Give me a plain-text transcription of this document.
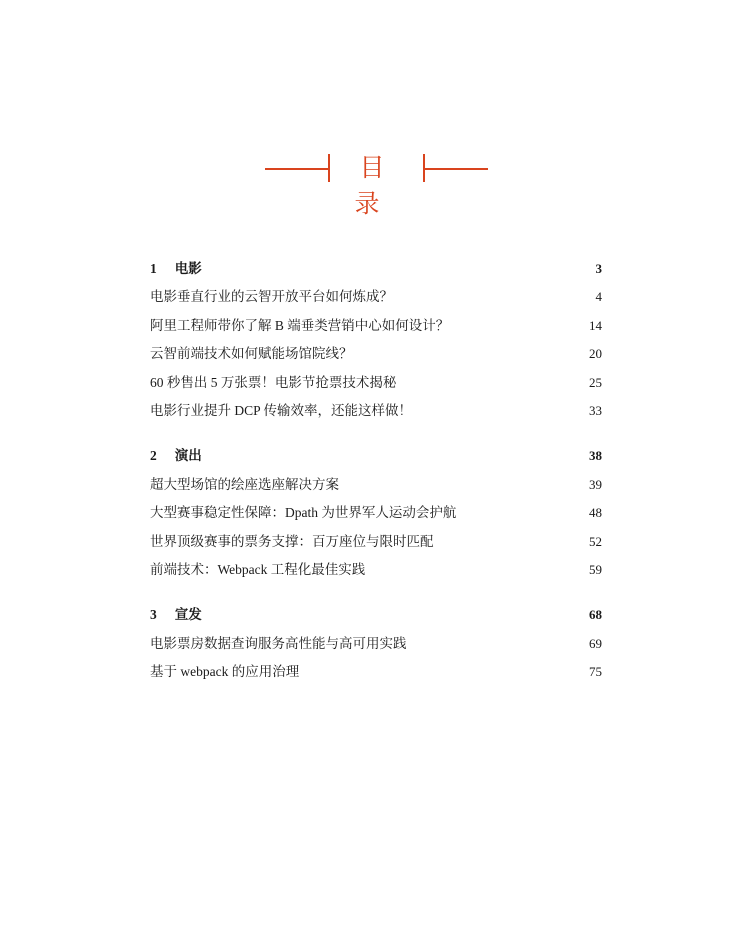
目 录
1 电影	3
电影垂直行业的云智开放平台如何炼成？	4
阿里工程师带你了解 B 端垂类营销中心如何设计？	14
云智前端技术如何赋能场馆院线？	20
60 秒售出 5 万张票！电影节抢票技术揭秘	25
电影行业提升 DCP 传输效率，还能这样做！	33
2 演出	38
超大型场馆的绘座选座解决方案	39
大型赛事稳定性保障：Dpath 为世界军人运动会护航	48
世界顶级赛事的票务支撑：百万座位与限时匹配	52
前端技术：Webpack 工程化最佳实践	59
3 宣发	68
电影票房数据查询服务高性能与高可用实践	69
基于 webpack 的应用治理	75
